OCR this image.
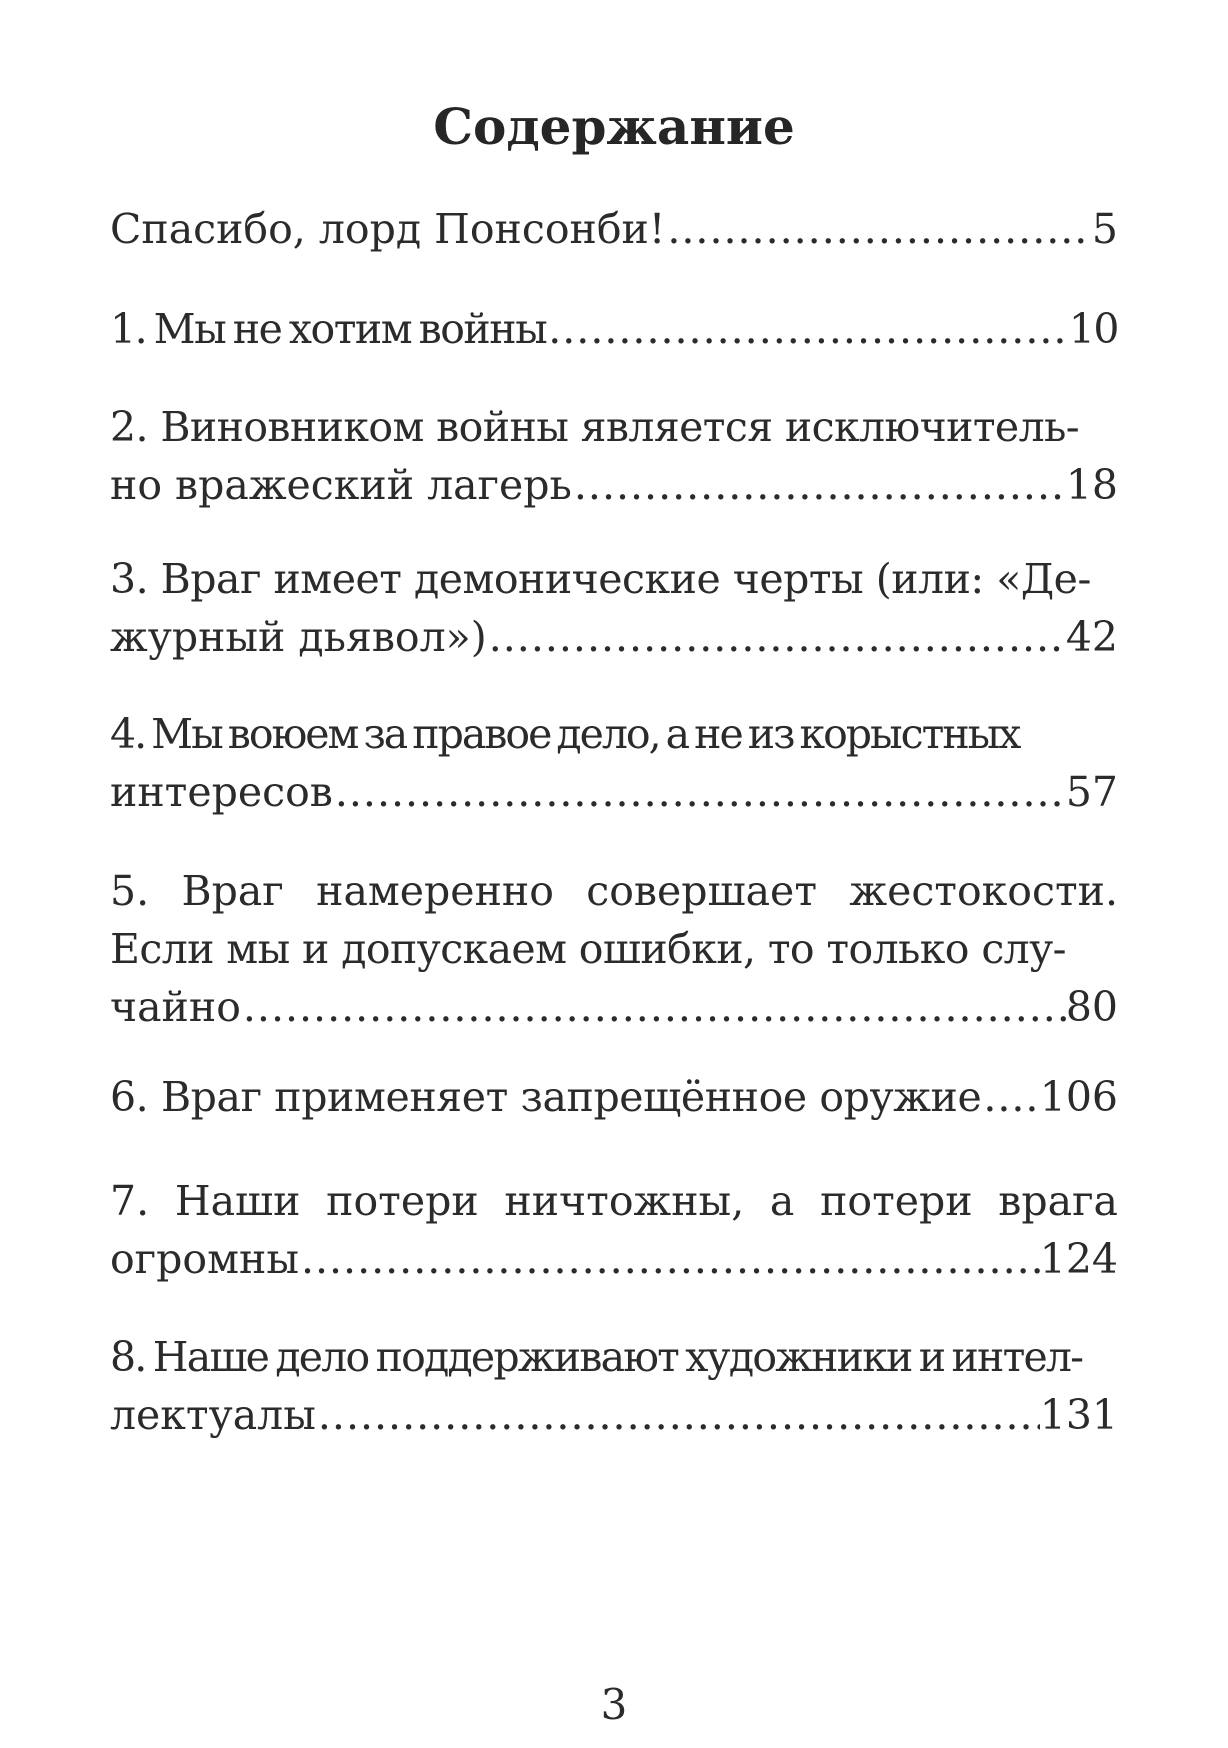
Содержание
Спасибо, лорд Понсонби! .....	5
1. Мы не хотим войны .....	10
2. Виновником войны является исключитель-
но вражеский лагерь .....	18
3. Враг имеет демонические черты (или: «Де-
журный дьявол») .....	42
4. Мы воюем за правое дело, а не из корыстных
интересов .....	57
5. Враг намеренно совершает жестокости.
Если мы и допускаем ошибки, то только слу-
чайно .....	80
6. Враг применяет запрещённое оружие ..... 106
7. Наши потери ничтожны, а потери врага
огромны .....	124
8. Наше дело поддерживают художники и интел-
лектуалы .....	131
3
